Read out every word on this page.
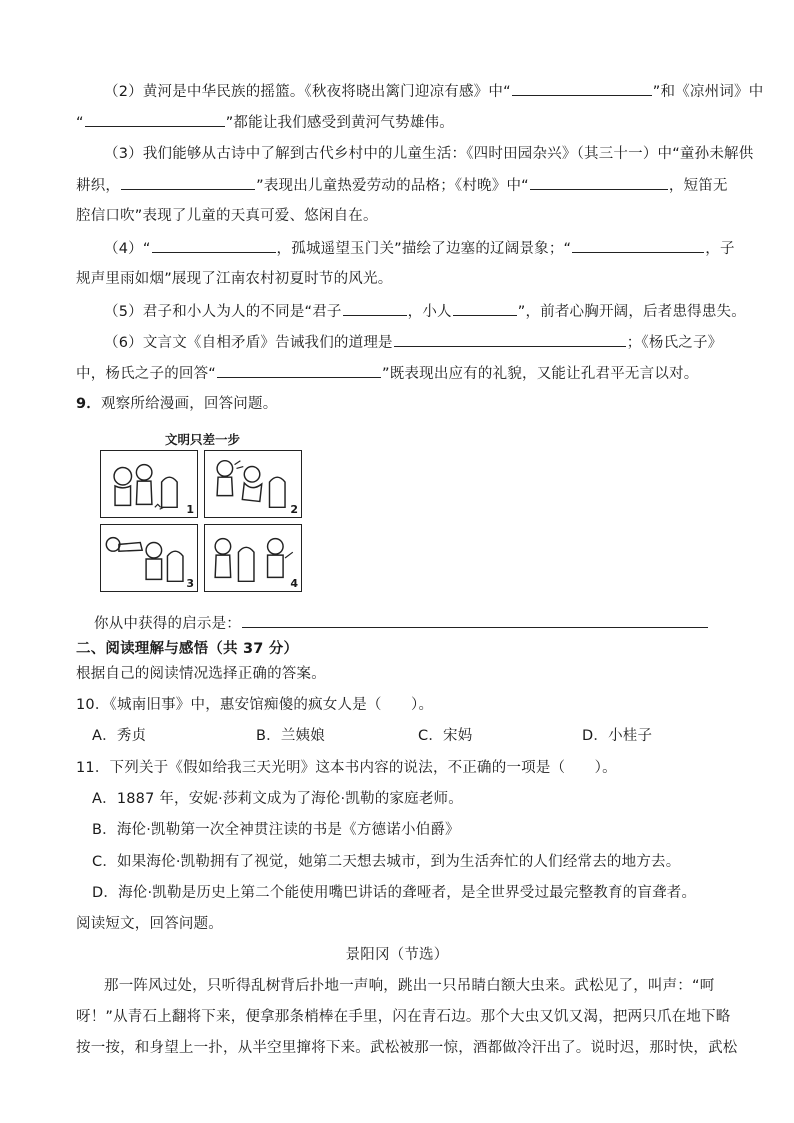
（2）黄河是中华民族的摇篮。《秋夜将晓出篱门迎凉有感》中“	”和《凉州词》中
“	”都能让我们感受到黄河气势雄伟。
（3）我们能够从古诗中了解到古代乡村中的儿童生活：《四时田园杂兴》（其三十一）中“童孙未解供
耕织，	”表现出儿童热爱劳动的品格；《村晚》中“	，短笛无
腔信口吹”表现了儿童的天真可爱、悠闲自在。
（4）“	，孤城遥望玉门关”描绘了边塞的辽阔景象；“	，子
规声里雨如烟”展现了江南农村初夏时节的风光。
（5）君子和小人为人的不同是“君子	，小人	”，前者心胸开阔，后者患得患失。
（6）文言文《自相矛盾》告诫我们的道理是	；《杨氏之子》
中，杨氏之子的回答“	”既表现出应有的礼貌，又能让孔君平无言以对。
9．观察所给漫画，回答问题。
文明只差一步
1	2
3	4
你从中获得的启示是：
二、阅读理解与感悟（共 37 分）
根据自己的阅读情况选择正确的答案。
10．《城南旧事》中，惠安馆痴傻的疯女人是（　　）。
A．秀贞	B．兰姨娘	C．宋妈	D．小桂子
11．下列关于《假如给我三天光明》这本书内容的说法，不正确的一项是（　　）。
A．1887 年，安妮·莎莉文成为了海伦·凯勒的家庭老师。
B．海伦·凯勒第一次全神贯注读的书是《方德诺小伯爵》
C．如果海伦·凯勒拥有了视觉，她第二天想去城市，到为生活奔忙的人们经常去的地方去。
D．海伦·凯勒是历史上第二个能使用嘴巴讲话的聋哑者，是全世界受过最完整教育的盲聋者。
阅读短文，回答问题。
景阳冈（节选）
那一阵风过处，只听得乱树背后扑地一声响，跳出一只吊睛白额大虫来。武松见了，叫声：“呵
呀！”从青石上翻将下来，便拿那条梢棒在手里，闪在青石边。那个大虫又饥又渴，把两只爪在地下略
按一按，和身望上一扑，从半空里撺将下来。武松被那一惊，酒都做冷汗出了。说时迟，那时快，武松
